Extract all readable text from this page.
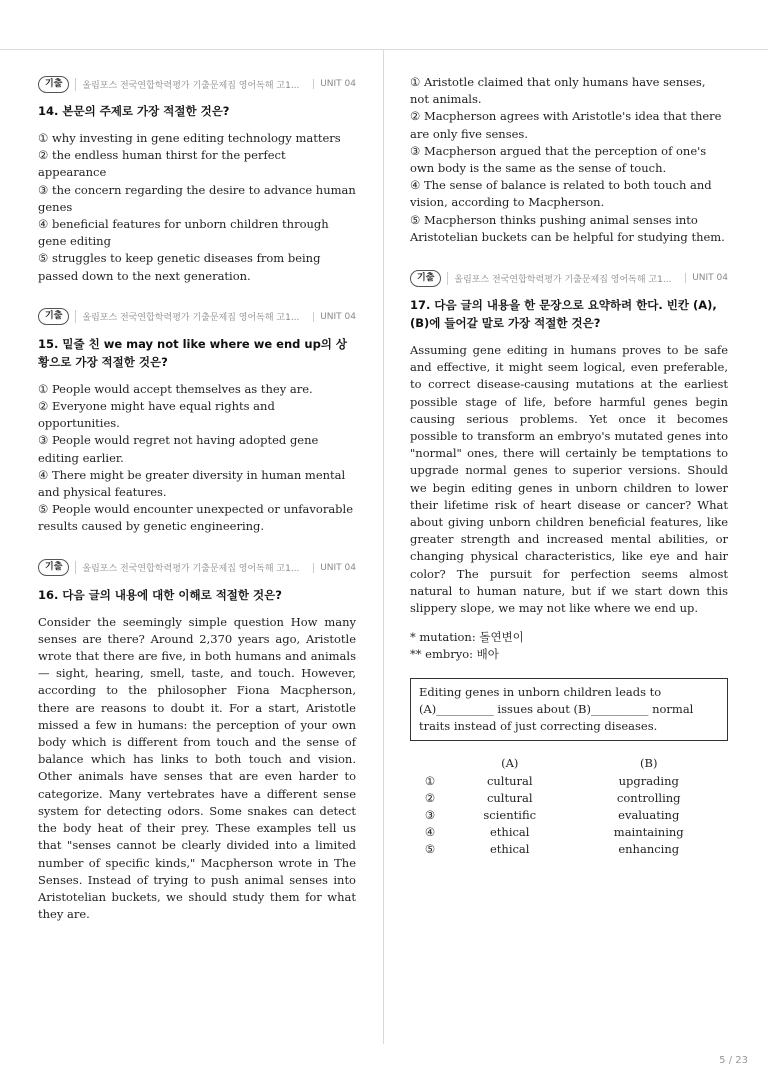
기출	올림포스 전국연합학력평가 기출문제집 영어독해 고1...	UNIT 04

14. 본문의 주제로 가장 적절한 것은?

① why investing in gene editing technology matters

② the endless human thirst for the perfect appearance

③ the concern regarding the desire to advance human genes

④ beneficial features for unborn children through gene editing

⑤ struggles to keep genetic diseases from being passed down to the next generation.

기출	올림포스 전국연합학력평가 기출문제집 영어독해 고1...	UNIT 04

15. 밑줄 친 we may not like where we end up의 상황으로 가장 적절한 것은?

① People would accept themselves as they are.

② Everyone might have equal rights and opportunities.

③ People would regret not having adopted gene editing earlier.

④ There might be greater diversity in human mental and physical features.

⑤ People would encounter unexpected or unfavorable results caused by genetic engineering.

기출	올림포스 전국연합학력평가 기출문제집 영어독해 고1...	UNIT 04

16. 다음 글의 내용에 대한 이해로 적절한 것은?

Consider the seemingly simple question How many senses are there? Around 2,370 years ago, Aristotle wrote that there are five, in both humans and animals — sight, hearing, smell, taste, and touch. However, according to the philosopher Fiona Macpherson, there are reasons to doubt it. For a start, Aristotle missed a few in humans: the perception of your own body which is different from touch and the sense of balance which has links to both touch and vision. Other animals have senses that are even harder to categorize. Many vertebrates have a different sense system for detecting odors. Some snakes can detect the body heat of their prey. These examples tell us that "senses cannot be clearly divided into a limited number of specific kinds," Macpherson wrote in The Senses. Instead of trying to push animal senses into Aristotelian buckets, we should study them for what they are.

① Aristotle claimed that only humans have senses, not animals.

② Macpherson agrees with Aristotle's idea that there are only five senses.

③ Macpherson argued that the perception of one's own body is the same as the sense of touch.

④ The sense of balance is related to both touch and vision, according to Macpherson.

⑤ Macpherson thinks pushing animal senses into Aristotelian buckets can be helpful for studying them.

기출	올림포스 전국연합학력평가 기출문제집 영어독해 고1...	UNIT 04

17. 다음 글의 내용을 한 문장으로 요약하려 한다. 빈칸 (A), (B)에 들어갈 말로 가장 적절한 것은?

Assuming gene editing in humans proves to be safe and effective, it might seem logical, even preferable, to correct disease-causing mutations at the earliest possible stage of life, before harmful genes begin causing serious problems. Yet once it becomes possible to transform an embryo's mutated genes into "normal" ones, there will certainly be temptations to upgrade normal genes to superior versions. Should we begin editing genes in unborn children to lower their lifetime risk of heart disease or cancer? What about giving unborn children beneficial features, like greater strength and increased mental abilities, or changing physical characteristics, like eye and hair color? The pursuit for perfection seems almost natural to human nature, but if we start down this slippery slope, we may not like where we end up.

* mutation: 돌연변이
** embryo: 배아
Editing genes in unborn children leads to (A)__________ issues about (B)__________ normal traits instead of just correcting diseases.
	(A)	(B)
①	cultural	upgrading
②	cultural	controlling
③	scientific	evaluating
④	ethical	maintaining
⑤	ethical	enhancing
5 / 23
